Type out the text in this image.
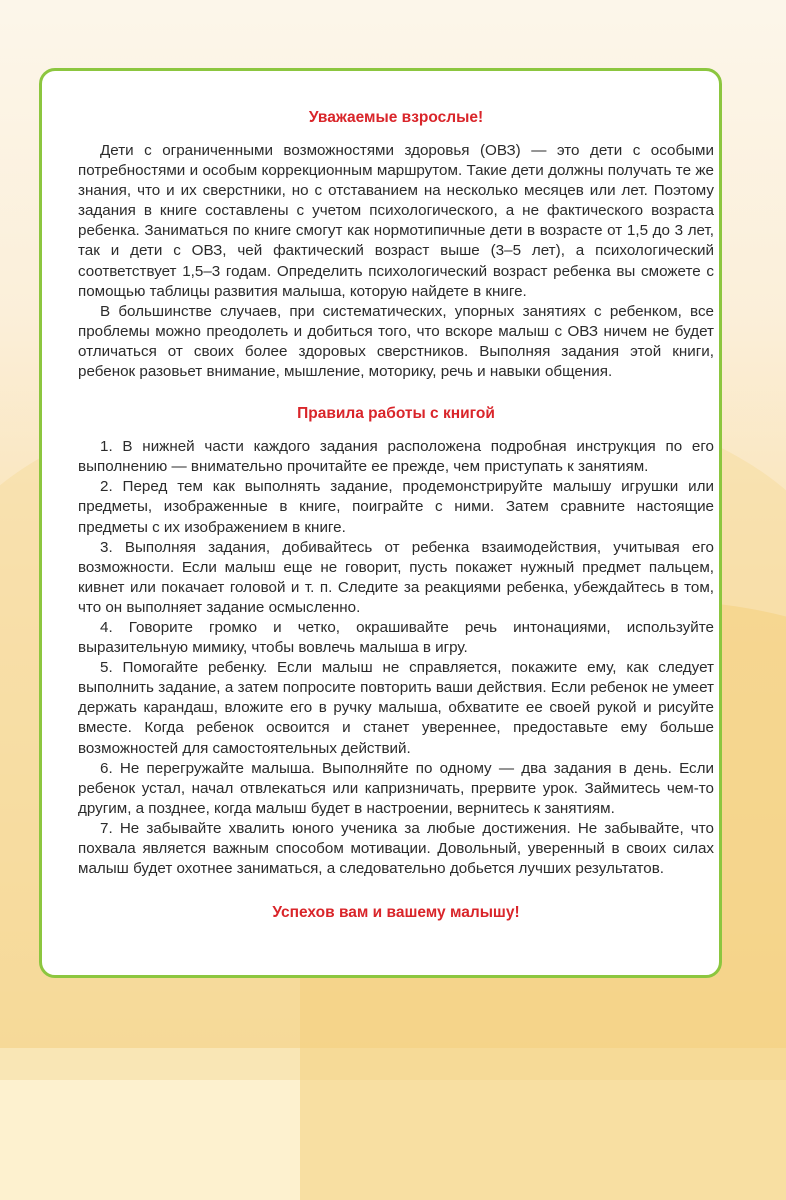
Уважаемые взрослые!

Дети с ограниченными возможностями здоровья (ОВЗ) — это дети с особыми потребностями и особым коррекционным маршрутом. Такие дети должны получать те же знания, что и их сверстники, но с отставанием на несколько месяцев или лет. Поэтому задания в книге составлены с учетом психологического, а не фактического возраста ребенка. Заниматься по книге смогут как нормотипичные дети в возрасте от 1,5 до 3 лет, так и дети с ОВЗ, чей фактический возраст выше (3–5 лет), а психологический соответствует 1,5–3 годам. Определить психологический возраст ребенка вы сможете с помощью таблицы развития малыша, которую найдете в книге.

В большинстве случаев, при систематических, упорных занятиях с ребенком, все проблемы можно преодолеть и добиться того, что вскоре малыш с ОВЗ ничем не будет отличаться от своих более здоровых сверстников. Выполняя задания этой книги, ребенок разовьет внимание, мышление, моторику, речь и навыки общения.

Правила работы с книгой

1. В нижней части каждого задания расположена подробная инструкция по его выполнению — внимательно прочитайте ее прежде, чем приступать к занятиям.

2. Перед тем как выполнять задание, продемонстрируйте малышу игрушки или предметы, изображенные в книге, поиграйте с ними. Затем сравните настоящие предметы с их изображением в книге.

3. Выполняя задания, добивайтесь от ребенка взаимодействия, учитывая его возможности. Если малыш еще не говорит, пусть покажет нужный предмет пальцем, кивнет или покачает головой и т. п. Следите за реакциями ребенка, убеждайтесь в том, что он выполняет задание осмысленно.

4. Говорите громко и четко, окрашивайте речь интонациями, используйте выразительную мимику, чтобы вовлечь малыша в игру.

5. Помогайте ребенку. Если малыш не справляется, покажите ему, как следует выполнить задание, а затем попросите повторить ваши действия. Если ребенок не умеет держать карандаш, вложите его в ручку малыша, обхватите ее своей рукой и рисуйте вместе. Когда ребенок освоится и станет увереннее, предоставьте ему больше возможностей для самостоятельных действий.

6. Не перегружайте малыша. Выполняйте по одному — два задания в день. Если ребенок устал, начал отвлекаться или капризничать, прервите урок. Займитесь чем-то другим, а позднее, когда малыш будет в настроении, вернитесь к занятиям.

7. Не забывайте хвалить юного ученика за любые достижения. Не забывайте, что похвала является важным способом мотивации. Довольный, уверенный в своих силах малыш будет охотнее заниматься, а следовательно добьется лучших результатов.

Успехов вам и вашему малышу!
